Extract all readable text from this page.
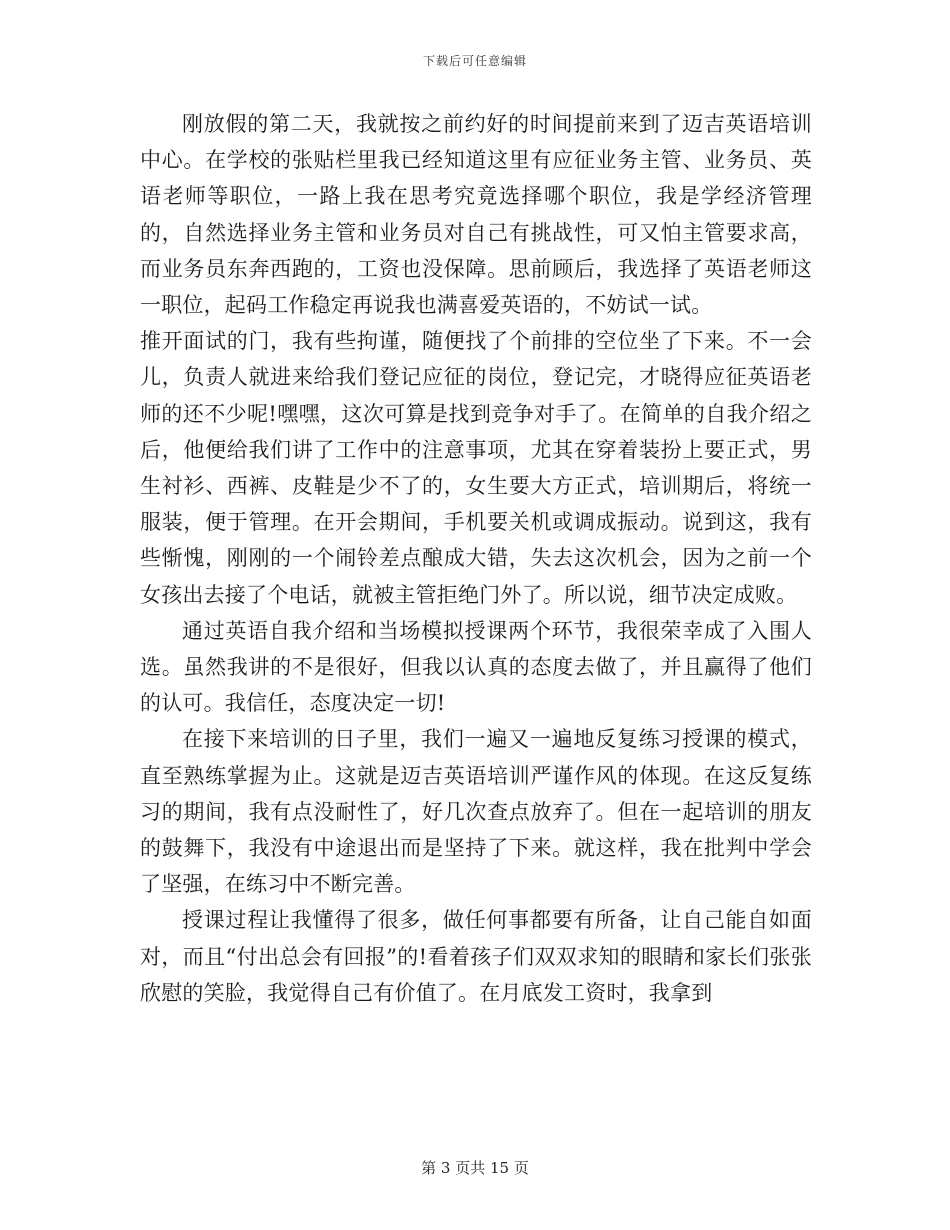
下载后可任意编辑

刚放假的第二天，我就按之前约好的时间提前来到了迈吉英语培训中心。在学校的张贴栏里我已经知道这里有应征业务主管、业务员、英语老师等职位，一路上我在思考究竟选择哪个职位，我是学经济管理的，自然选择业务主管和业务员对自己有挑战性，可又怕主管要求高，而业务员东奔西跑的，工资也没保障。思前顾后，我选择了英语老师这一职位，起码工作稳定再说我也满喜爱英语的，不妨试一试。

推开面试的门，我有些拘谨，随便找了个前排的空位坐了下来。不一会儿，负责人就进来给我们登记应征的岗位，登记完，才晓得应征英语老师的还不少呢!嘿嘿，这次可算是找到竞争对手了。在简单的自我介绍之后，他便给我们讲了工作中的注意事项，尤其在穿着装扮上要正式，男生衬衫、西裤、皮鞋是少不了的，女生要大方正式，培训期后，将统一服装，便于管理。在开会期间，手机要关机或调成振动。说到这，我有些惭愧，刚刚的一个闹铃差点酿成大错，失去这次机会，因为之前一个女孩出去接了个电话，就被主管拒绝门外了。所以说，细节决定成败。

通过英语自我介绍和当场模拟授课两个环节，我很荣幸成了入围人选。虽然我讲的不是很好，但我以认真的态度去做了，并且赢得了他们的认可。我信任，态度决定一切!

在接下来培训的日子里，我们一遍又一遍地反复练习授课的模式，直至熟练掌握为止。这就是迈吉英语培训严谨作风的体现。在这反复练习的期间，我有点没耐性了，好几次查点放弃了。但在一起培训的朋友的鼓舞下，我没有中途退出而是坚持了下来。就这样，我在批判中学会了坚强，在练习中不断完善。

授课过程让我懂得了很多，做任何事都要有所备，让自己能自如面对，而且“付出总会有回报”的!看着孩子们双双求知的眼睛和家长们张张欣慰的笑脸，我觉得自己有价值了。在月底发工资时，我拿到

第 3 页共 15 页
